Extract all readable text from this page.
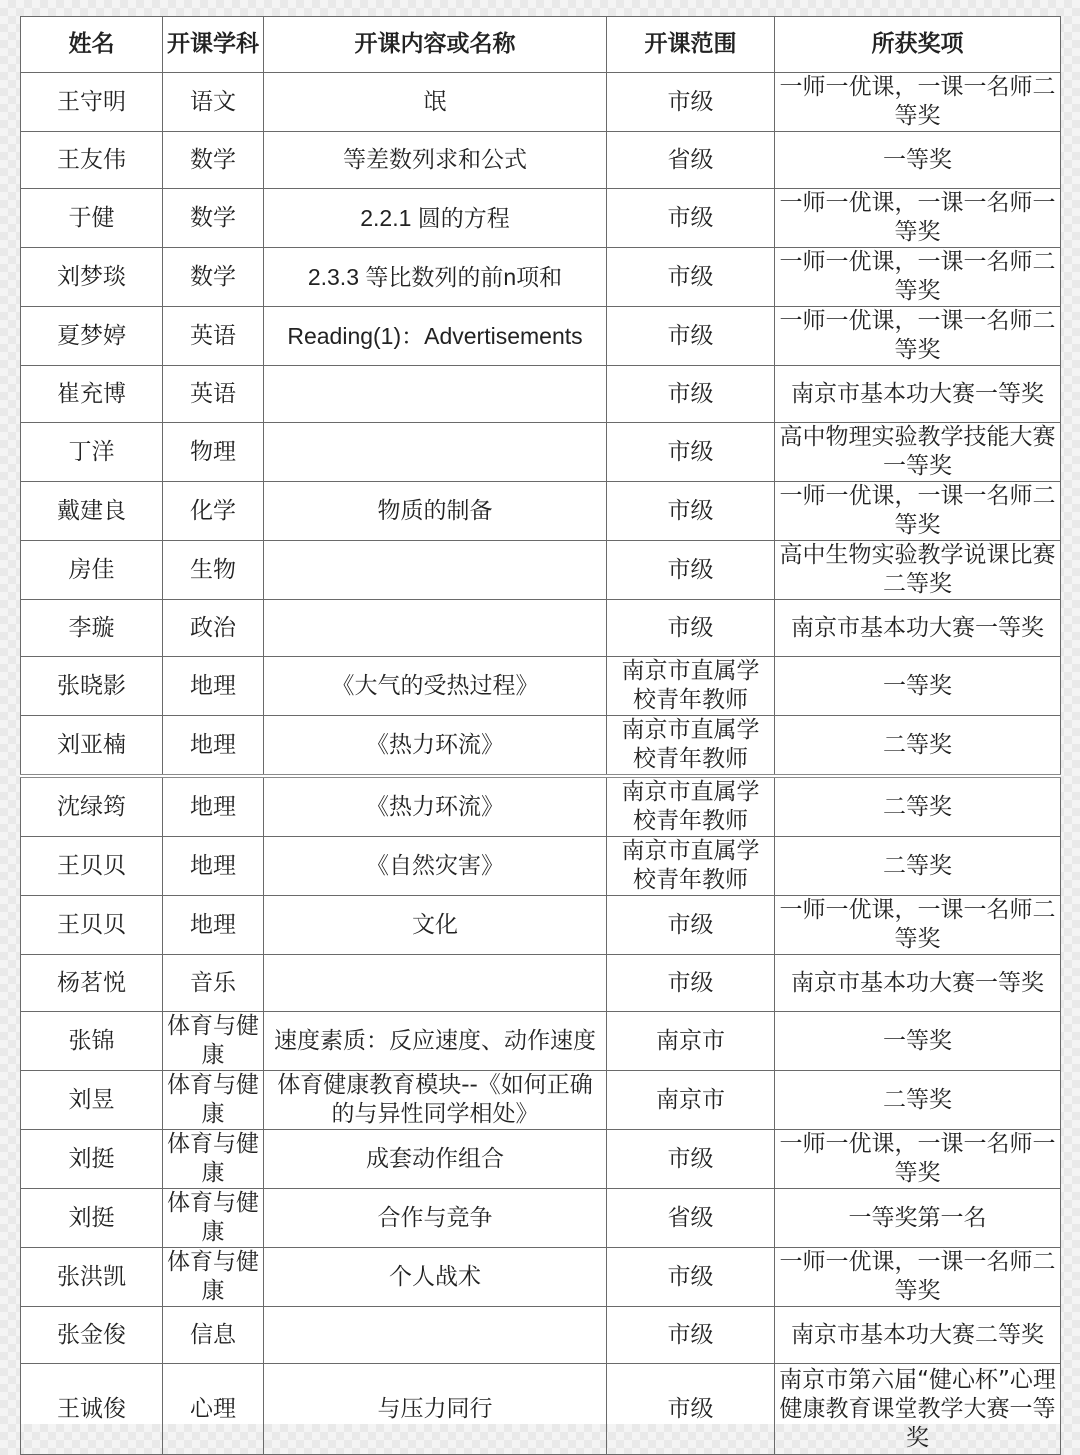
姓名	开课学科	开课内容或名称	开课范围	所获奖项
王守明	语文	氓	市级	一师一优课，一课一名师二等奖
王友伟	数学	等差数列求和公式	省级	一等奖
于健	数学	2.2.1 圆的方程	市级	一师一优课，一课一名师一等奖
刘梦琰	数学	2.3.3 等比数列的前n项和	市级	一师一优课，一课一名师二等奖
夏梦婷	英语	Reading(1)：Advertisements	市级	一师一优课，一课一名师二等奖
崔充博	英语		市级	南京市基本功大赛一等奖
丁洋	物理		市级	高中物理实验教学技能大赛一等奖
戴建良	化学	物质的制备	市级	一师一优课，一课一名师二等奖
房佳	生物		市级	高中生物实验教学说课比赛二等奖
李璇	政治		市级	南京市基本功大赛一等奖
张晓影	地理	《大气的受热过程》	南京市直属学校青年教师	一等奖
刘亚楠	地理	《热力环流》	南京市直属学校青年教师	二等奖
沈绿筠	地理	《热力环流》	南京市直属学校青年教师	二等奖
王贝贝	地理	《自然灾害》	南京市直属学校青年教师	二等奖
王贝贝	地理	文化	市级	一师一优课，一课一名师二等奖
杨茗悦	音乐		市级	南京市基本功大赛一等奖
张锦	体育与健康	速度素质：反应速度、动作速度	南京市	一等奖
刘昱	体育与健康	体育健康教育模块--《如何正确的与异性同学相处》	南京市	二等奖
刘挺	体育与健康	成套动作组合	市级	一师一优课，一课一名师一等奖
刘挺	体育与健康	合作与竞争	省级	一等奖第一名
张洪凯	体育与健康	个人战术	市级	一师一优课，一课一名师二等奖
张金俊	信息		市级	南京市基本功大赛二等奖
王诚俊	心理	与压力同行	市级	南京市第六届“健心杯”心理健康教育课堂教学大赛一等奖
